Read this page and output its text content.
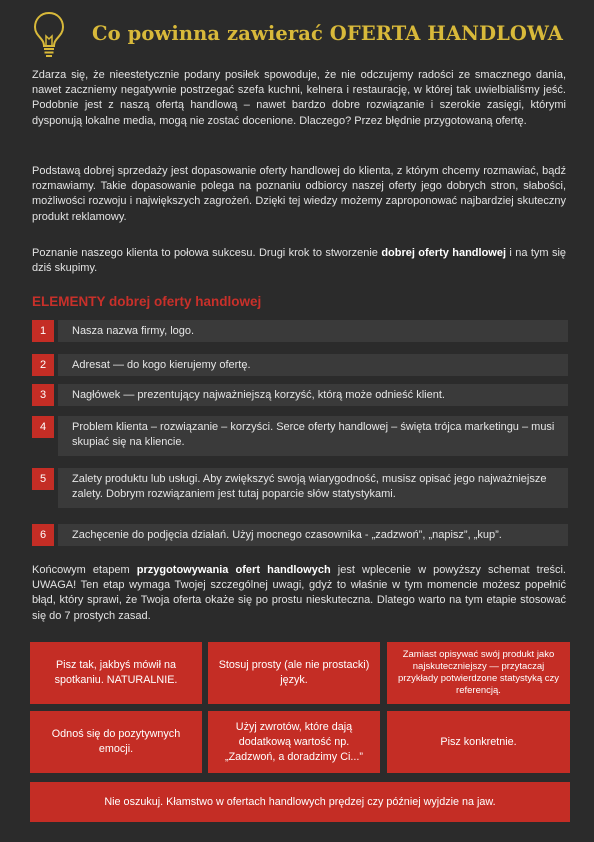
Co powinna zawierać OFERTA HANDLOWA
Zdarza się, że nieestetycznie podany posiłek spowoduje, że nie odczujemy radości ze smacznego dania, nawet zaczniemy negatywnie postrzegać szefa kuchni, kelnera i restaurację, w której tak uwielbialiśmy jeść. Podobnie jest z naszą ofertą handlową – nawet bardzo dobre rozwiązanie i szerokie zasięgi, którymi dysponują lokalne media, mogą nie zostać docenione. Dlaczego? Przez błędnie przygotowaną ofertę.
Podstawą dobrej sprzedaży jest dopasowanie oferty handlowej do klienta, z którym chcemy rozmawiać, bądź rozmawiamy. Takie dopasowanie polega na poznaniu odbiorcy naszej oferty jego dobrych stron, słabości, możliwości rozwoju i największych zagrożeń. Dzięki tej wiedzy możemy zaproponować najbardziej skuteczny produkt reklamowy.
Poznanie naszego klienta to połowa sukcesu. Drugi krok to stworzenie dobrej oferty handlowej i na tym się dziś skupimy.
ELEMENTY dobrej oferty handlowej
1	Nasza nazwa firmy, logo.
2	Adresat — do kogo kierujemy ofertę.
3	Nagłówek — prezentujący najważniejszą korzyść, którą może odnieść klient.
4	Problem klienta – rozwiązanie – korzyści. Serce oferty handlowej – święta trójca marketingu – musi skupiać się na kliencie.
5	Zalety produktu lub usługi. Aby zwiększyć swoją wiarygodność, musisz opisać jego najważniejsze zalety. Dobrym rozwiązaniem jest tutaj poparcie słów statystykami.
6	Zachęcenie do podjęcia działań. Użyj mocnego czasownika - „zadzwoń”, „napisz”, „kup”.
Końcowym etapem przygotowywania ofert handlowych jest wplecenie w powyższy schemat treści. UWAGA! Ten etap wymaga Twojej szczególnej uwagi, gdyż to właśnie w tym momencie możesz popełnić błąd, który sprawi, że Twoja oferta okaże się po prostu nieskuteczna. Dlatego warto na tym etapie stosować się do 7 prostych zasad.
Pisz tak, jakbyś mówił na spotkaniu. NATURALNIE.
Stosuj prosty (ale nie prostacki) język.
Zamiast opisywać swój produkt jako najskuteczniejszy — przytaczaj przykłady potwierdzone statystyką czy referencją.
Odnoś się do pozytywnych emocji.
Użyj zwrotów, które dają dodatkową wartość np. „Zadzwoń, a doradzimy Ci...”
Pisz konkretnie.
Nie oszukuj. Kłamstwo w ofertach handlowych prędzej czy później wyjdzie na jaw.
